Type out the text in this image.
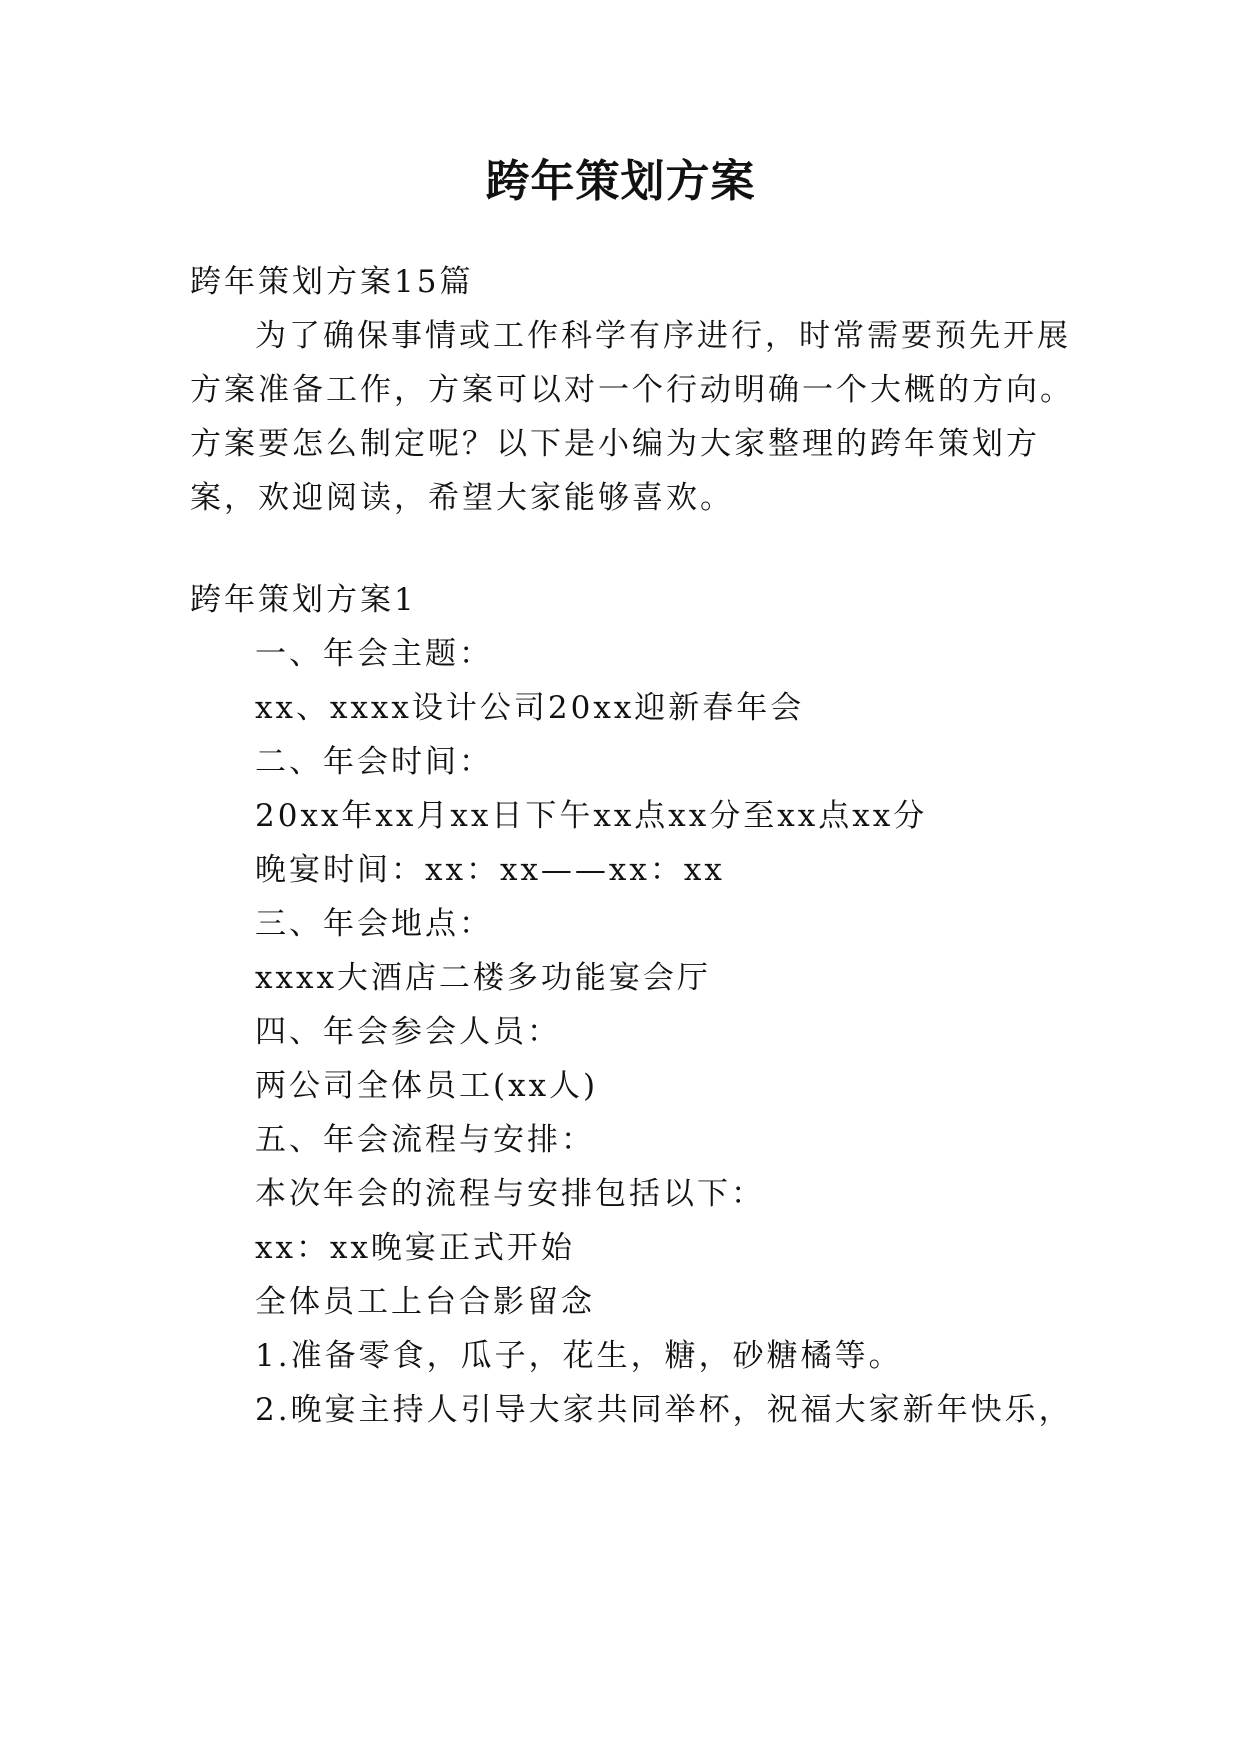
跨年策划方案
跨年策划方案15篇
为了确保事情或工作科学有序进行，时常需要预先开展
方案准备工作，方案可以对一个行动明确一个大概的方向。
方案要怎么制定呢？以下是小编为大家整理的跨年策划方
案，欢迎阅读，希望大家能够喜欢。
跨年策划方案1
一、年会主题：
xx、xxxx设计公司20xx迎新春年会
二、年会时间：
20xx年xx月xx日下午xx点xx分至xx点xx分
晚宴时间：xx：xx——xx：xx
三、年会地点：
xxxx大酒店二楼多功能宴会厅
四、年会参会人员：
两公司全体员工(xx人)
五、年会流程与安排：
本次年会的流程与安排包括以下：
xx：xx晚宴正式开始
全体员工上台合影留念
1.准备零食，瓜子，花生，糖，砂糖橘等。
2.晚宴主持人引导大家共同举杯，祝福大家新年快乐，
